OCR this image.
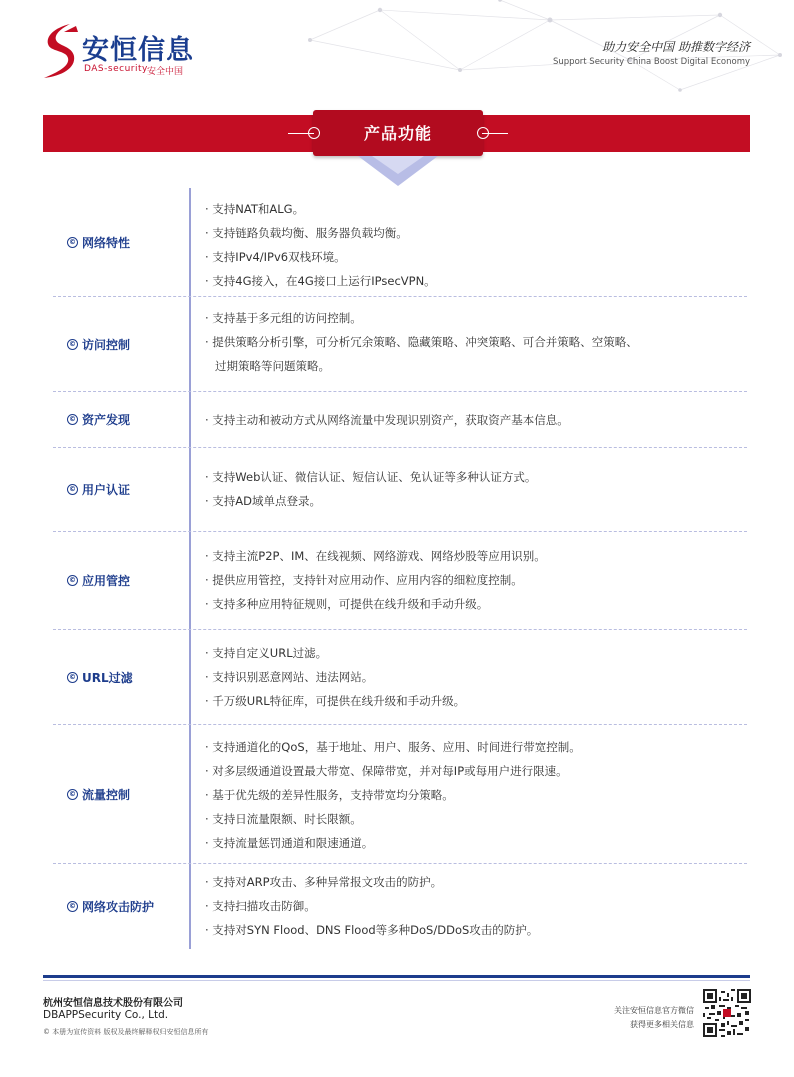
安恒信息
DAS-security 安全中国
助力安全中国 助推数字经济
Support Security China Boost Digital Economy
产品功能
© 网络特性

· 支持NAT和ALG。

· 支持链路负载均衡、服务器负载均衡。

· 支持IPv4/IPv6双栈环境。

· 支持4G接入，在4G接口上运行IPsecVPN。

© 访问控制

· 支持基于多元组的访问控制。

· 提供策略分析引擎，可分析冗余策略、隐藏策略、冲突策略、可合并策略、空策略、

过期策略等问题策略。

© 资产发现	· 支持主动和被动方式从网络流量中发现识别资产，获取资产基本信息。

© 用户认证

· 支持Web认证、微信认证、短信认证、免认证等多种认证方式。

· 支持AD域单点登录。

© 应用管控

· 支持主流P2P、IM、在线视频、网络游戏、网络炒股等应用识别。

· 提供应用管控，支持针对应用动作、应用内容的细粒度控制。

· 支持多种应用特征规则，可提供在线升级和手动升级。

© URL过滤

· 支持自定义URL过滤。

· 支持识别恶意网站、违法网站。

· 千万级URL特征库，可提供在线升级和手动升级。

© 流量控制

· 支持通道化的QoS，基于地址、用户、服务、应用、时间进行带宽控制。

· 对多层级通道设置最大带宽、保障带宽，并对每IP或每用户进行限速。

· 基于优先级的差异性服务，支持带宽均分策略。

· 支持日流量限额、时长限额。

· 支持流量惩罚通道和限速通道。

© 网络攻击防护

· 支持对ARP攻击、多种异常报文攻击的防护。

· 支持扫描攻击防御。

· 支持对SYN Flood、DNS Flood等多种DoS/DDoS攻击的防护。

杭州安恒信息技术股份有限公司
DBAPPSecurity Co., Ltd.
© 本册为宣传资料 版权及最终解释权归安恒信息所有
关注安恒信息官方微信
获得更多相关信息
